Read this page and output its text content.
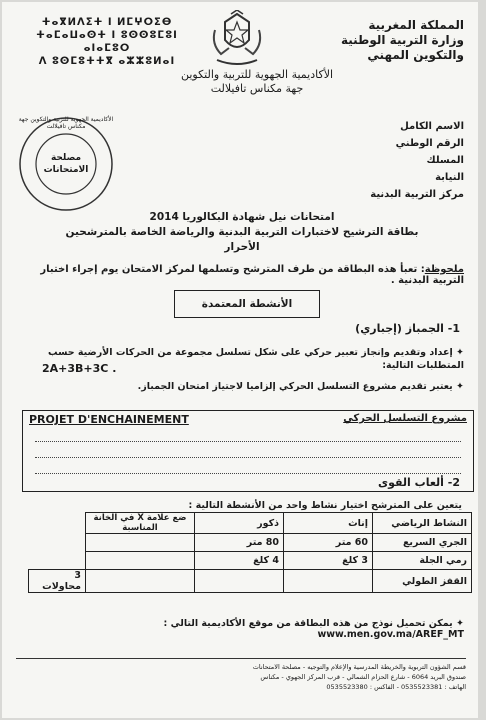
ⵜⴰⴳⵍⴷⵉⵜ ⵏ ⵍⵎⵖⵔⵉⴱ
ⵜⴰⵎⴰⵡⴰⵙⵜ ⵏ ⵓⵙⵙⵓⵎⵓⵏ ⴰⵏⴰⵎⵓⵔ
ⴷ ⵓⵙⵎⵓⵜⵜⴳ ⴰⵣⵣⵓⵍⴰⵏ
المملكة المغربية
وزارة التربية الوطنية
والتكوين المهني
الأكاديمية الجهوية للتربية والتكوين
جهة مكناس تافيلالت
الأكاديمية الجهوية للتربية والتكوين جهة مكناس تافيلالت
مصلحة
الامتحانات
الاسم الكامل
الرقم الوطني
المسلك
النيابة
مركز التربية البدنية
امتحانات نيل شهادة البكالوريا 2014
بطاقة الترشيح لاختبارات التربية البدنية والرياضة الخاصة بالمترشحين الأحرار
ملحوظة: تعبأ هذه البطاقة من طرف المترشح وتسلمها لمركز الامتحان يوم إجراء اختبار التربية البدنية .
الأنشطة المعتمدة
1- الجمباز (إجباري)
✦ إعداد وتقديم وإنجاز تعبير حركي على شكل تسلسل مجموعة من الحركات الأرضية حسب المتطلبات التالية:
2A+3B+3C .
✦ يعتبر تقديم مشروع التسلسل الحركي إلزاميا لاجتياز امتحان الجمباز.
PROJET D'ENCHAINEMENT	مشروع التسلسل الحركي
2- ألعاب القوى
يتعين على المترشح اختيار نشاط واحد من الأنشطة التالية :
النشاط الرياضي	إناث	ذكور	ضع علامة X في الخانة المناسبة	
الجري السريع	60 متر	80 متر		
رمي الجلة	3 كلغ	4 كلغ		
القفز الطولي				3 محاولات
✦ يمكن تحميل نوذج من هذه البطاقة من موقع الأكاديمية التالي : www.men.gov.ma/AREF_MT
قسم الشؤون التربوية والخريطة المدرسية والإعلام والتوجيه - مصلحة الامتحانات
صندوق البريد 6064 - شارع الحزام الشمالي - قرب المركز الجهوي - مكناس
الهاتف : 0535523381 - الفاكس : 0535523380
